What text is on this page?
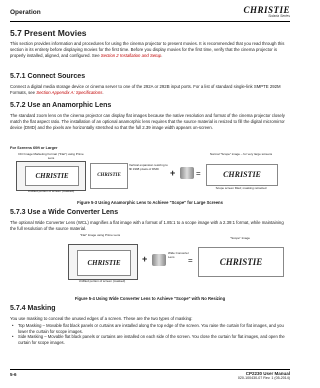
Operation	CHRISTIE
Solaria Series
5.7 Present Movies

This section provides information and procedures for using the cinema projector to present movies. It is recommended that you read through this section in its entirety before displaying movies for the first time. Before you display movies for the first time, verify that the cinema projector is properly installed, aligned, and configured. See Section 2 Installation and Setup.

5.7.1 Connect Sources

Connect a digital media storage device or cinema server to one of the 292A or 292B input ports. For a list of standard single-link SMPTE 292M Formats, see Section Appendix A: Specifications.

5.7.2 Use an Anamorphic Lens

The standard zoom lens on the cinema projector can display flat images because the native resolution and format of the cinema projector closely match the flat aspect ratio. The installation of an optional anamorphic lens requires that the source material is resized to fill the digital micromirror device (DMD) and the pixels are horizontally stretched so that the full 2.39 image width appears on-screen.

For Screens 60ft or Larger
DCI Image Marketing Format ("Flat") using Prime Lens
CHRISTIE
Unfilled portion of screen (masked)
CHRISTIE
Vertical expansion resizing to fill 1998 pixels of DMD	+	=
Normal "Scope" image – for very large screens
CHRISTIE
Scope screen filled; masking retracted
Figure 5-3 Using Anamorphic Lens to Achieve "Scope" for Large Screens
5.7.3 Use a Wide Converter Lens

The optional Wide Converter Lens (WCL) magnifies a flat image with a format of 1.85:1 to a scope image with a 2.39:1 format, while maintaining the full resolution of the source material.

"Flat" Image using Prime Lens
CHRISTIE
Unfilled portion of screen (masked)
+
Wide Converter Lens	=
"Scope" Image
CHRISTIE
Figure 5-4 Using Wide Converter Lens to Achieve "Scope" with No Resizing
5.7.4 Masking

You use masking to conceal the unused edges of a screen. These are the two types of masking:

• Top Masking – Movable flat black panels or curtains are installed along the top edge of the screen. You raise the curtain for flat images, and you lower the curtain for scope images.

• Side Masking – Movable flat black panels or curtains are installed on each side of the screen. You close the curtain for flat images, and open the curtain for scope images.

5-6	CP2230 User Manual
020-100430-07 Rev. 1 (05-2014)
